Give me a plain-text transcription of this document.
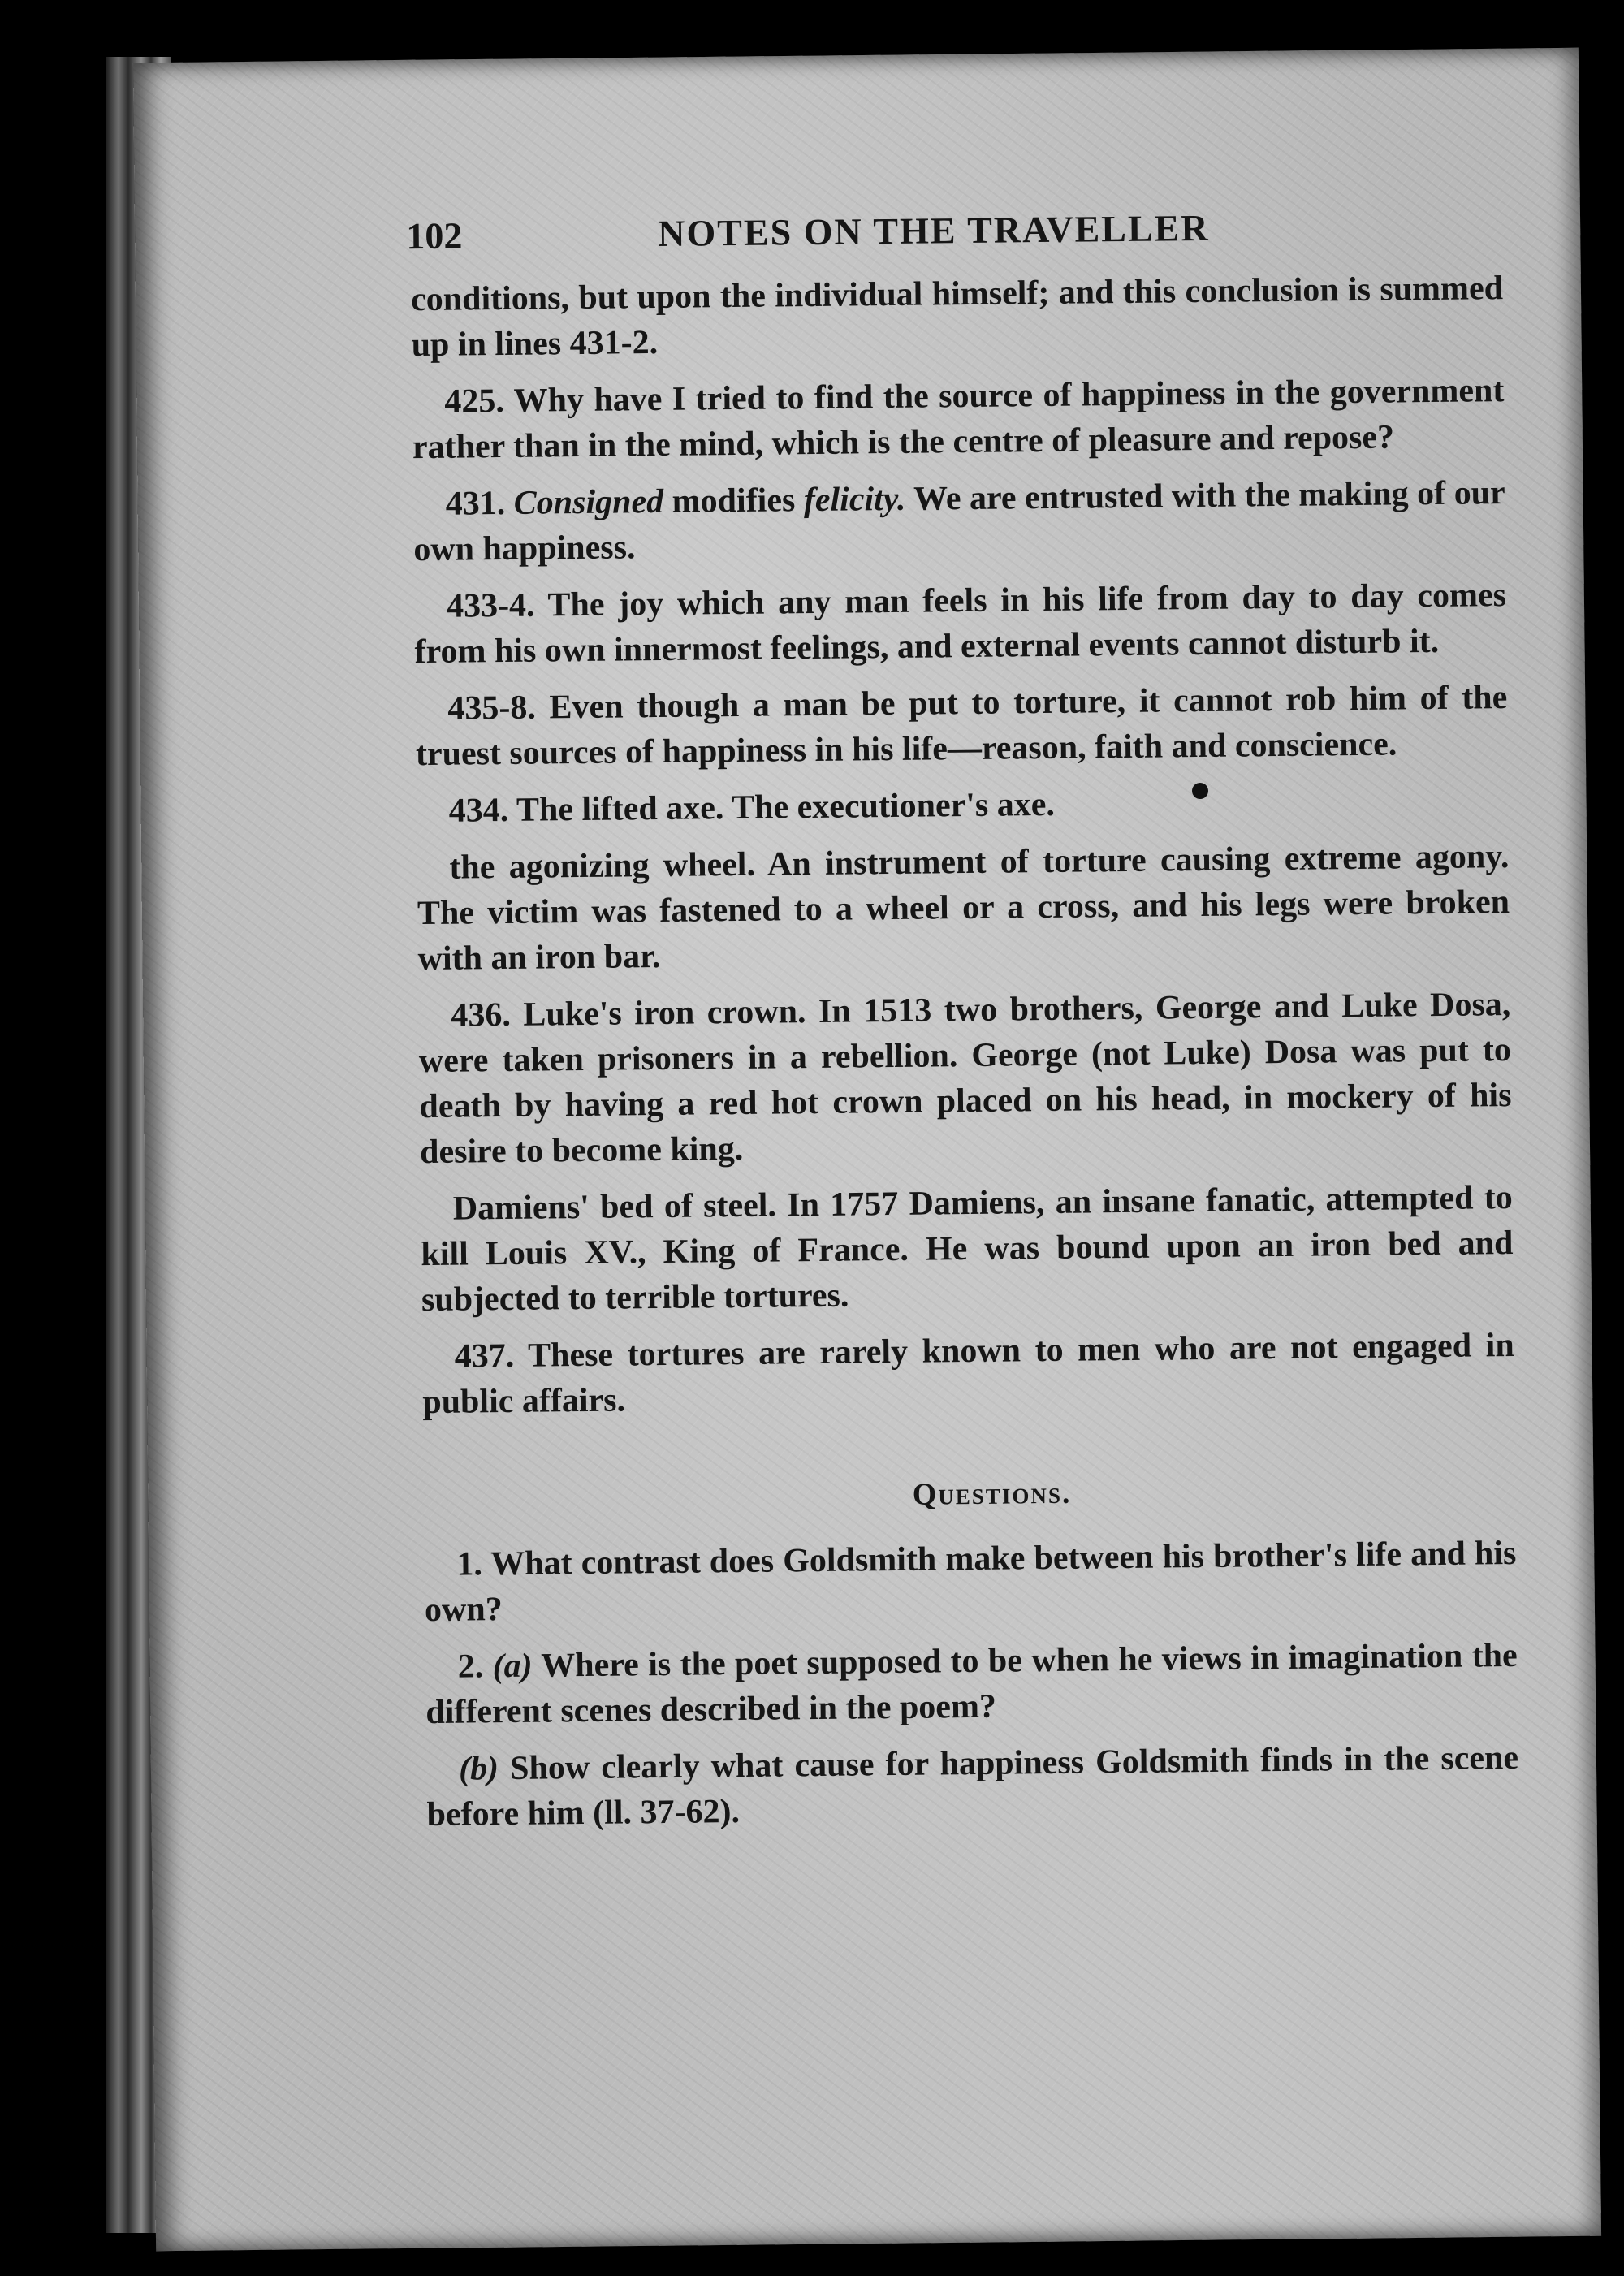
102	NOTES ON THE TRAVELLER

conditions, but upon the individual himself; and this conclusion is summed up in lines 431-2.

425. Why have I tried to find the source of happiness in the government rather than in the mind, which is the centre of pleasure and repose?

431. Consigned modifies felicity. We are entrusted with the making of our own happiness.

433-4. The joy which any man feels in his life from day to day comes from his own innermost feelings, and external events cannot disturb it.

435-8. Even though a man be put to torture, it cannot rob him of the truest sources of happiness in his life—reason, faith and conscience.

434. The lifted axe. The executioner's axe.

the agonizing wheel. An instrument of torture causing extreme agony. The victim was fastened to a wheel or a cross, and his legs were broken with an iron bar.

436. Luke's iron crown. In 1513 two brothers, George and Luke Dosa, were taken prisoners in a rebellion. George (not Luke) Dosa was put to death by having a red hot crown placed on his head, in mockery of his desire to become king.

Damiens' bed of steel. In 1757 Damiens, an insane fanatic, attempted to kill Louis XV., King of France. He was bound upon an iron bed and subjected to terrible tortures.

437. These tortures are rarely known to men who are not engaged in public affairs.

Questions.

1. What contrast does Goldsmith make between his brother's life and his own?

2. (a) Where is the poet supposed to be when he views in imagination the different scenes described in the poem?

(b) Show clearly what cause for happiness Goldsmith finds in the scene before him (ll. 37-62).
